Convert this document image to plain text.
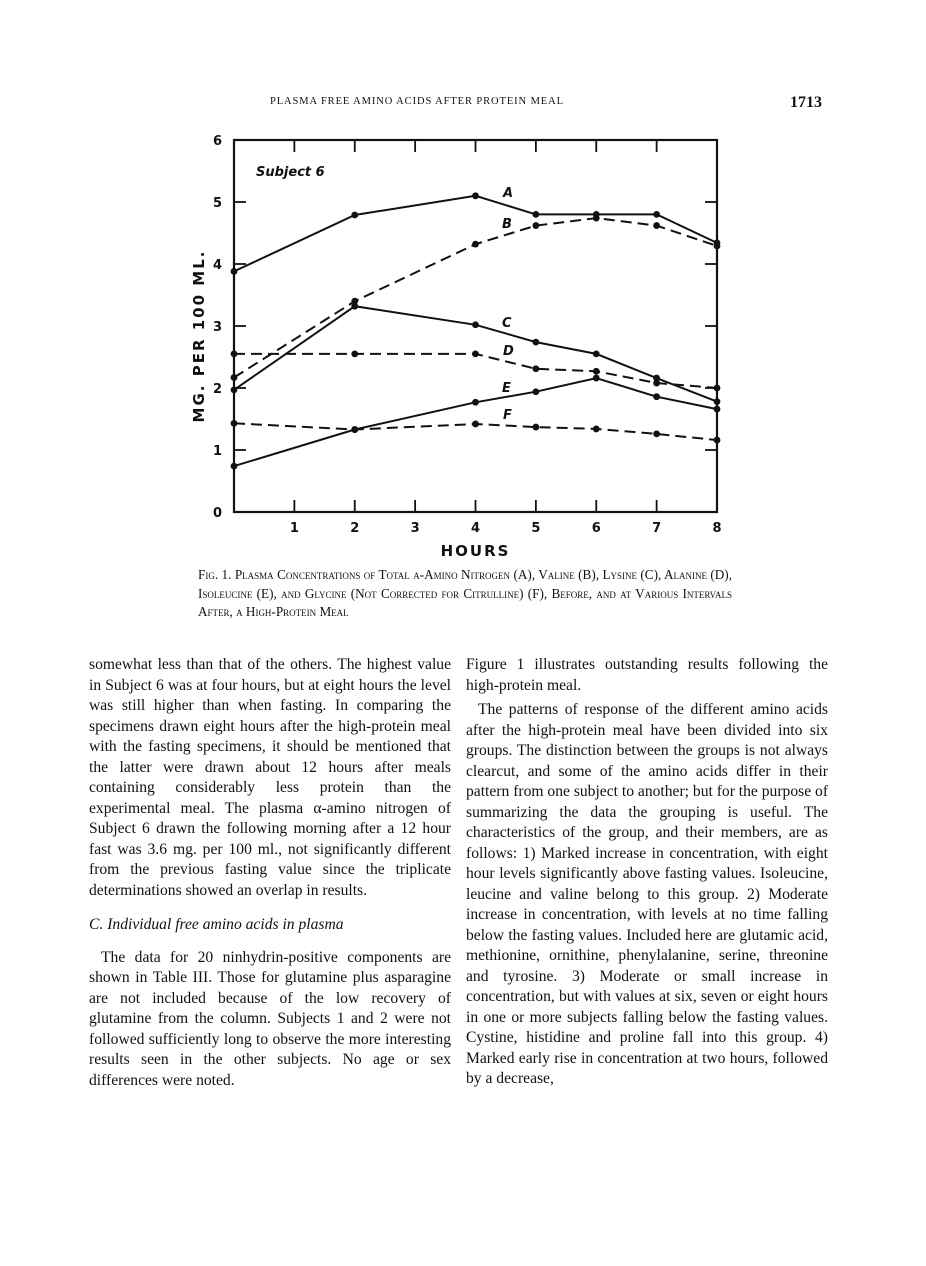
PLASMA FREE AMINO ACIDS AFTER PROTEIN MEAL	1713
0
1
2
3
4
5
6
1	2	3	4	5	6	7	8
HOURS
MG. PER 100 ML.
Subject 6
A
B
C
D
E
F
Fig. 1. Plasma Concentrations of Total α-Amino Nitrogen (A), Valine (B), Lysine (C), Alanine (D), Isoleucine (E), and Glycine (Not Corrected for Citrulline) (F), Before, and at Various Intervals After, a High-Protein Meal

somewhat less than that of the others. The highest value in Subject 6 was at four hours, but at eight hours the level was still higher than when fasting. In comparing the specimens drawn eight hours after the high-protein meal with the fasting specimens, it should be mentioned that the latter were drawn about 12 hours after meals containing considerably less protein than the experimental meal. The plasma α-amino nitrogen of Subject 6 drawn the following morning after a 12 hour fast was 3.6 mg. per 100 ml., not significantly different from the previous fasting value since the triplicate determinations showed an overlap in results.

C. Individual free amino acids in plasma

The data for 20 ninhydrin-positive components are shown in Table III. Those for glutamine plus asparagine are not included because of the low recovery of glutamine from the column. Subjects 1 and 2 were not followed sufficiently long to observe the more interesting results seen in the other subjects. No age or sex differences were noted.

Figure 1 illustrates outstanding results following the high-protein meal.

The patterns of response of the different amino acids after the high-protein meal have been divided into six groups. The distinction between the groups is not always clearcut, and some of the amino acids differ in their pattern from one subject to another; but for the purpose of summarizing the data the grouping is useful. The characteristics of the group, and their members, are as follows: 1) Marked increase in concentration, with eight hour levels significantly above fasting values. Isoleucine, leucine and valine belong to this group. 2) Moderate increase in concentration, with levels at no time falling below the fasting values. Included here are glutamic acid, methionine, ornithine, phenylalanine, serine, threonine and tyrosine. 3) Moderate or small increase in concentration, but with values at six, seven or eight hours in one or more subjects falling below the fasting values. Cystine, histidine and proline fall into this group. 4) Marked early rise in concentration at two hours, followed by a decrease,
